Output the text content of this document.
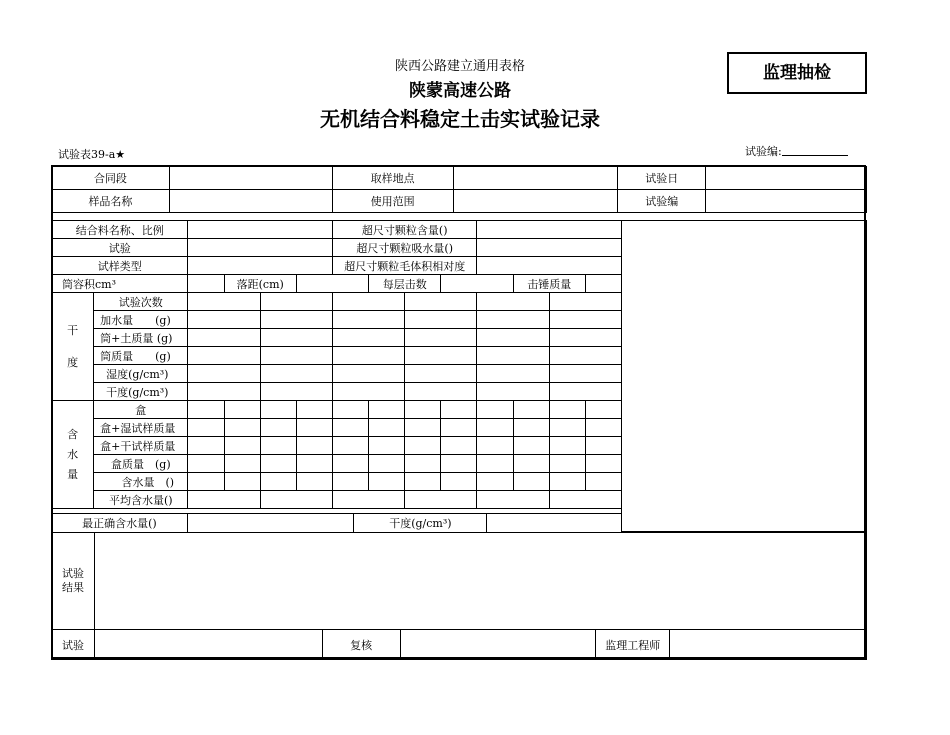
陕西公路建立通用表格
陕蒙高速公路
无机结合料稳定土击实试验记录
监理抽检
试验表39-a★	试验编:
合同段		取样地点		试验日	
样品名称		使用范围		试验编	
结合料名称、比例						超尺寸颗粒含量()							
试验						超尺寸颗粒吸水量()							
试样类型						超尺寸颗粒毛体积相对度							
筒容积cm³			落距(cm)				每层击数				击锤质量		
干
度	试验次数												
	加水量　　(g)												
	筒+土质量 (g)												
	筒质量　　(g)												
	湿度(g/cm³)												
	干度(g/cm³)												
含
水
量	盒												
	盒+湿试样质量												
	盒+干试样质量												
	盒质量　(g)												
	含水量　()												
	平均含水量()												
最正确含水量()		干度(g/cm³)	
试验
结果					
试验		复核		监理工程师	
